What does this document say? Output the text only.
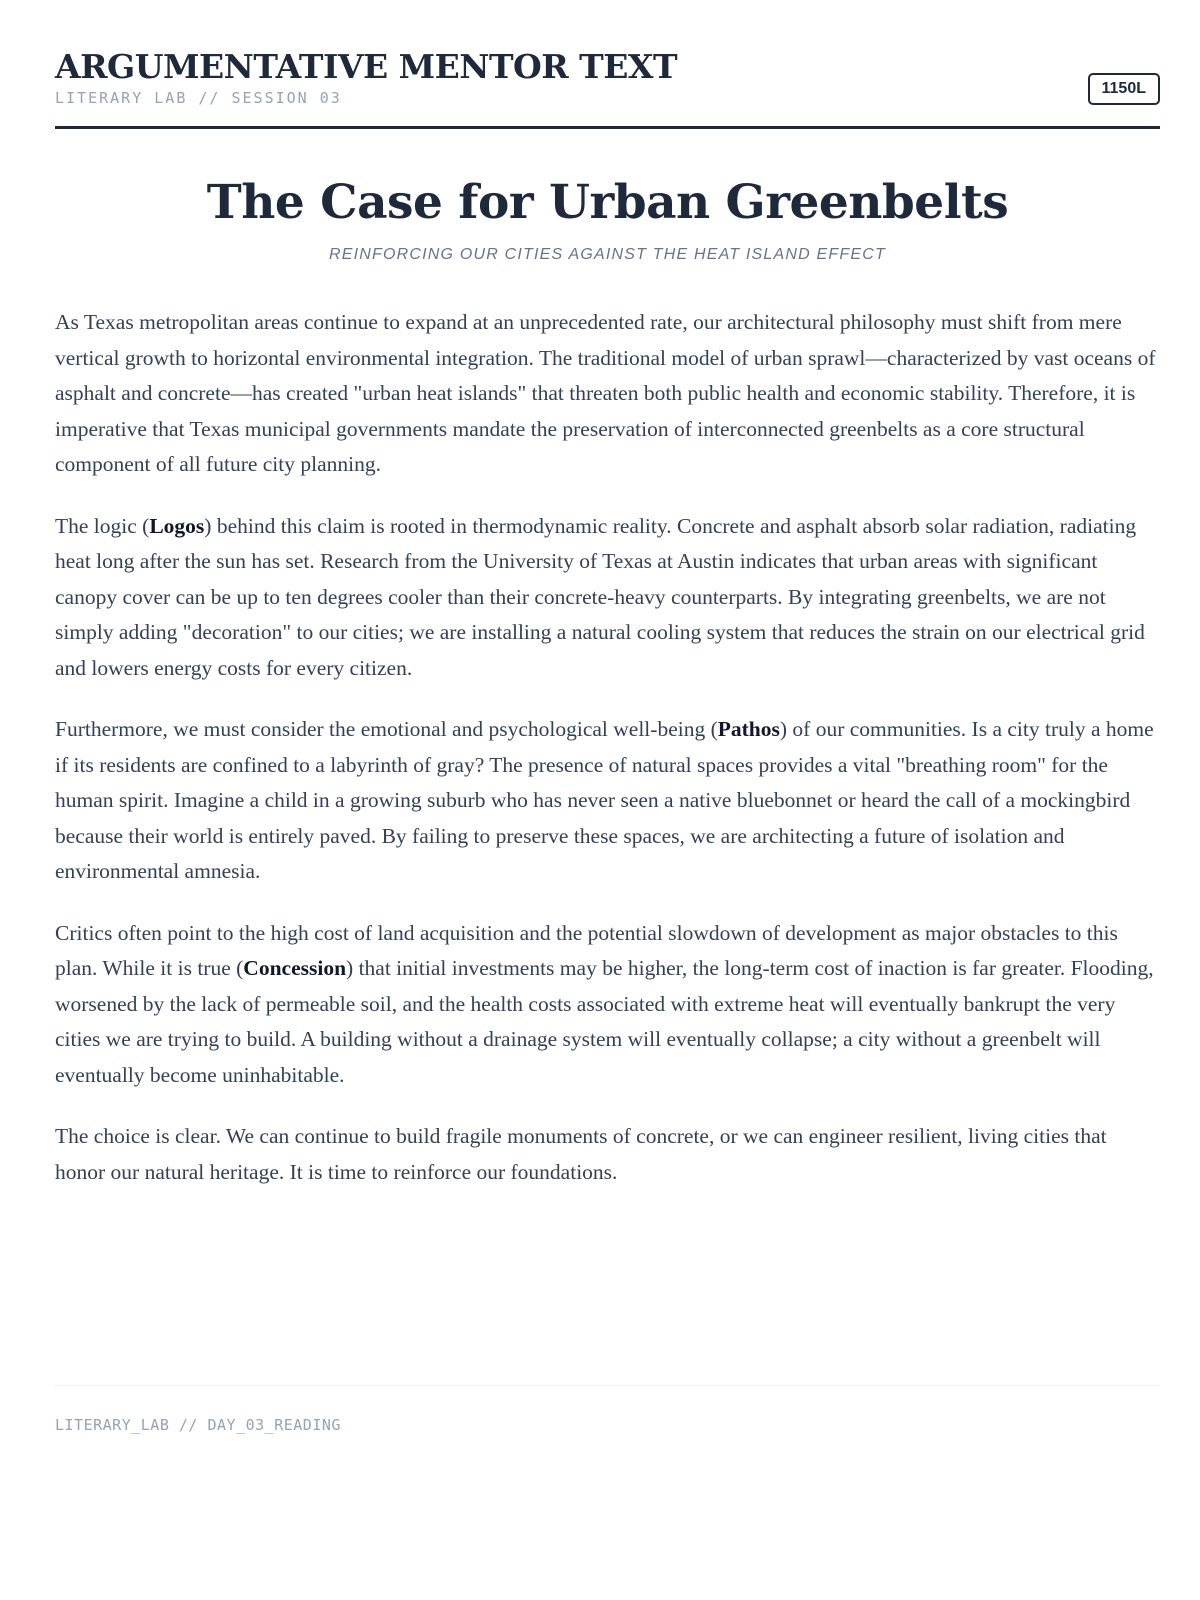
ARGUMENTATIVE MENTOR TEXT
LITERARY LAB // SESSION 03
1150L
The Case for Urban Greenbelts
REINFORCING OUR CITIES AGAINST THE HEAT ISLAND EFFECT

As Texas metropolitan areas continue to expand at an unprecedented rate, our architectural philosophy must shift from mere vertical growth to horizontal environmental integration. The traditional model of urban sprawl—characterized by vast oceans of asphalt and concrete—has created "urban heat islands" that threaten both public health and economic stability. Therefore, it is imperative that Texas municipal governments mandate the preservation of interconnected greenbelts as a core structural component of all future city planning.

The logic (Logos) behind this claim is rooted in thermodynamic reality. Concrete and asphalt absorb solar radiation, radiating heat long after the sun has set. Research from the University of Texas at Austin indicates that urban areas with significant canopy cover can be up to ten degrees cooler than their concrete-heavy counterparts. By integrating greenbelts, we are not simply adding "decoration" to our cities; we are installing a natural cooling system that reduces the strain on our electrical grid and lowers energy costs for every citizen.

Furthermore, we must consider the emotional and psychological well-being (Pathos) of our communities. Is a city truly a home if its residents are confined to a labyrinth of gray? The presence of natural spaces provides a vital "breathing room" for the human spirit. Imagine a child in a growing suburb who has never seen a native bluebonnet or heard the call of a mockingbird because their world is entirely paved. By failing to preserve these spaces, we are architecting a future of isolation and environmental amnesia.

Critics often point to the high cost of land acquisition and the potential slowdown of development as major obstacles to this plan. While it is true (Concession) that initial investments may be higher, the long-term cost of inaction is far greater. Flooding, worsened by the lack of permeable soil, and the health costs associated with extreme heat will eventually bankrupt the very cities we are trying to build. A building without a drainage system will eventually collapse; a city without a greenbelt will eventually become uninhabitable.

The choice is clear. We can continue to build fragile monuments of concrete, or we can engineer resilient, living cities that honor our natural heritage. It is time to reinforce our foundations.

LITERARY_LAB // DAY_03_READING
